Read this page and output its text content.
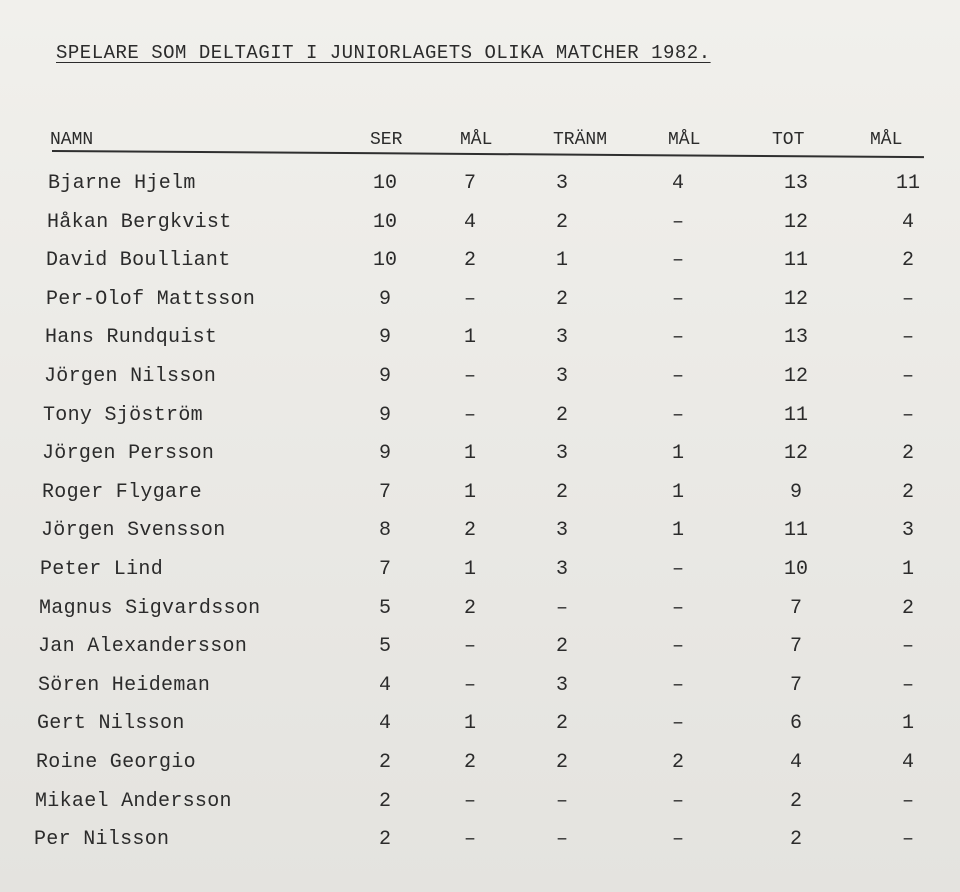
SPELARE SOM DELTAGIT I JUNIORLAGETS OLIKA MATCHER 1982.
NAMN	SER	MÅL	TRÄNM	MÅL	TOT	MÅL
Bjarne Hjelm	10	7	3	4	13	11
Håkan Bergkvist	10	4	2	–	12	4
David Boulliant	10	2	1	–	11	2
Per-Olof Mattsson	9	–	2	–	12	–
Hans Rundquist	9	1	3	–	13	–
Jörgen Nilsson	9	–	3	–	12	–
Tony Sjöström	9	–	2	–	11	–
Jörgen Persson	9	1	3	1	12	2
Roger Flygare	7	1	2	1	9	2
Jörgen Svensson	8	2	3	1	11	3
Peter Lind	7	1	3	–	10	1
Magnus Sigvardsson	5	2	–	–	7	2
Jan Alexandersson	5	–	2	–	7	–
Sören Heideman	4	–	3	–	7	–
Gert Nilsson	4	1	2	–	6	1
Roine Georgio	2	2	2	2	4	4
Mikael Andersson	2	–	–	–	2	–
Per Nilsson	2	–	–	–	2	–
